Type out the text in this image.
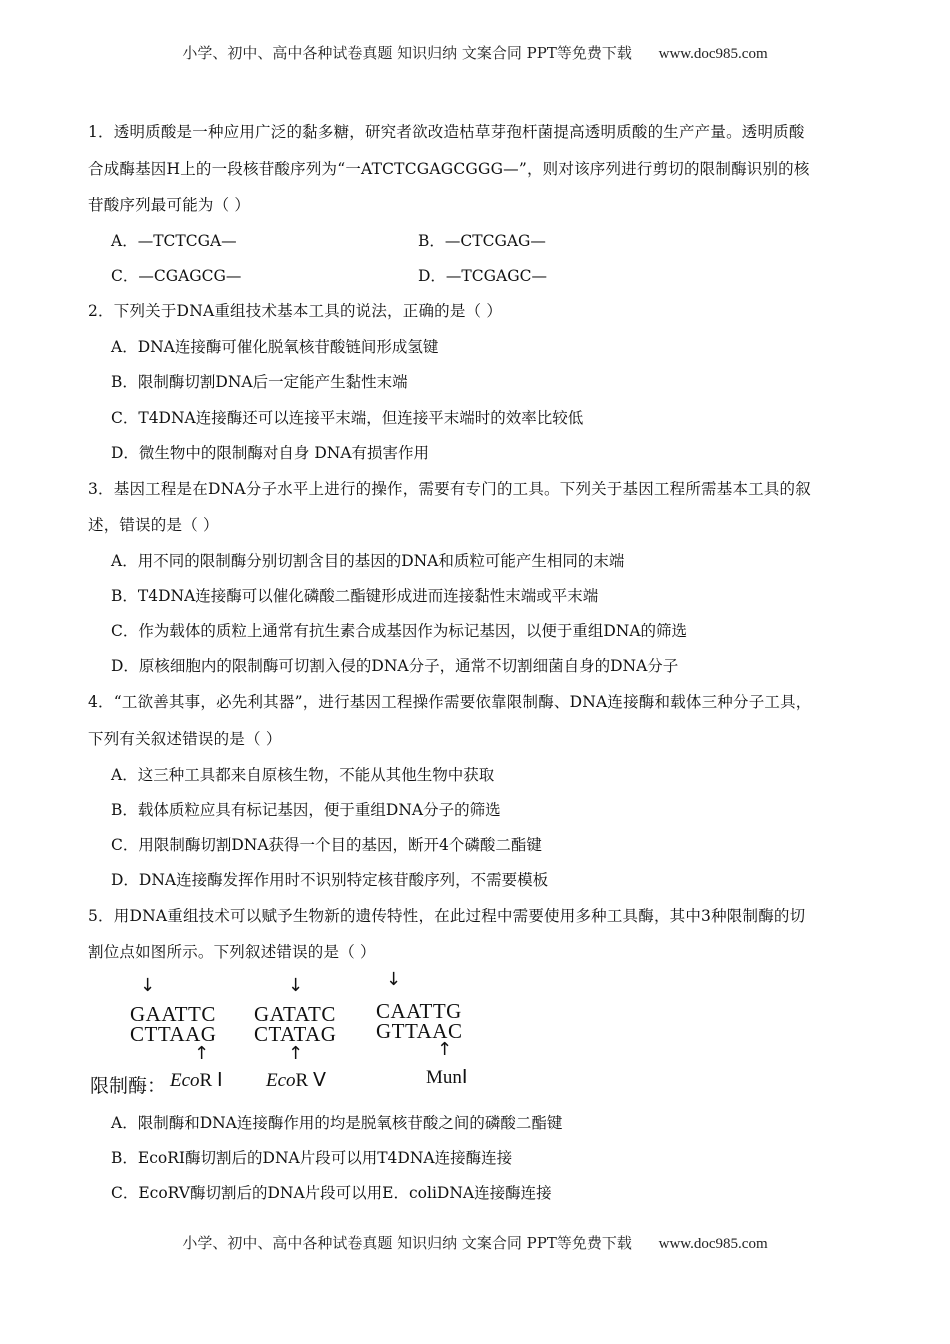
小学、初中、高中各种试卷真题 知识归纳 文案合同 PPT等免费下载 www.doc985.com
1．透明质酸是一种应用广泛的黏多糖，研究者欲改造枯草芽孢杆菌提高透明质酸的生产产量。透明质酸
合成酶基因H上的一段核苷酸序列为“一ATCTCGAGCGGG—”，则对该序列进行剪切的限制酶识别的核
苷酸序列最可能为（ ）
A．—TCTCGA—	B．—CTCGAG—
C．—CGAGCG—	D．—TCGAGC—
2．下列关于DNA重组技术基本工具的说法，正确的是（ ）
A．DNA连接酶可催化脱氧核苷酸链间形成氢键
B．限制酶切割DNA后一定能产生黏性末端
C．T4DNA连接酶还可以连接平末端，但连接平末端时的效率比较低
D．微生物中的限制酶对自身 DNA有损害作用
3．基因工程是在DNA分子水平上进行的操作，需要有专门的工具。下列关于基因工程所需基本工具的叙
述，错误的是（ ）
A．用不同的限制酶分别切割含目的基因的DNA和质粒可能产生相同的末端
B．T4DNA连接酶可以催化磷酸二酯键形成进而连接黏性末端或平末端
C．作为载体的质粒上通常有抗生素合成基因作为标记基因，以便于重组DNA的筛选
D．原核细胞内的限制酶可切割入侵的DNA分子，通常不切割细菌自身的DNA分子
4．“工欲善其事，必先利其器”，进行基因工程操作需要依靠限制酶、DNA连接酶和载体三种分子工具，
下列有关叙述错误的是（ ）
A．这三种工具都来自原核生物，不能从其他生物中获取
B．载体质粒应具有标记基因，便于重组DNA分子的筛选
C．用限制酶切割DNA获得一个目的基因，断开4个磷酸二酯键
D．DNA连接酶发挥作用时不识别特定核苷酸序列，不需要模板
5．用DNA重组技术可以赋予生物新的遗传特性，在此过程中需要使用多种工具酶，其中3种限制酶的切
割位点如图所示。下列叙述错误的是（ ）
↓
GAATTC
CTTAAG
↑
↓
GATATC
CTATAG
↑
↓
CAATTG
GTTAAC
↑
限制酶： EcoR Ⅰ EcoR Ⅴ	MunⅠ
A．限制酶和DNA连接酶作用的均是脱氧核苷酸之间的磷酸二酯键
B．EcoRI酶切割后的DNA片段可以用T4DNA连接酶连接
C．EcoRV酶切割后的DNA片段可以用E．coliDNA连接酶连接
小学、初中、高中各种试卷真题 知识归纳 文案合同 PPT等免费下载 www.doc985.com
